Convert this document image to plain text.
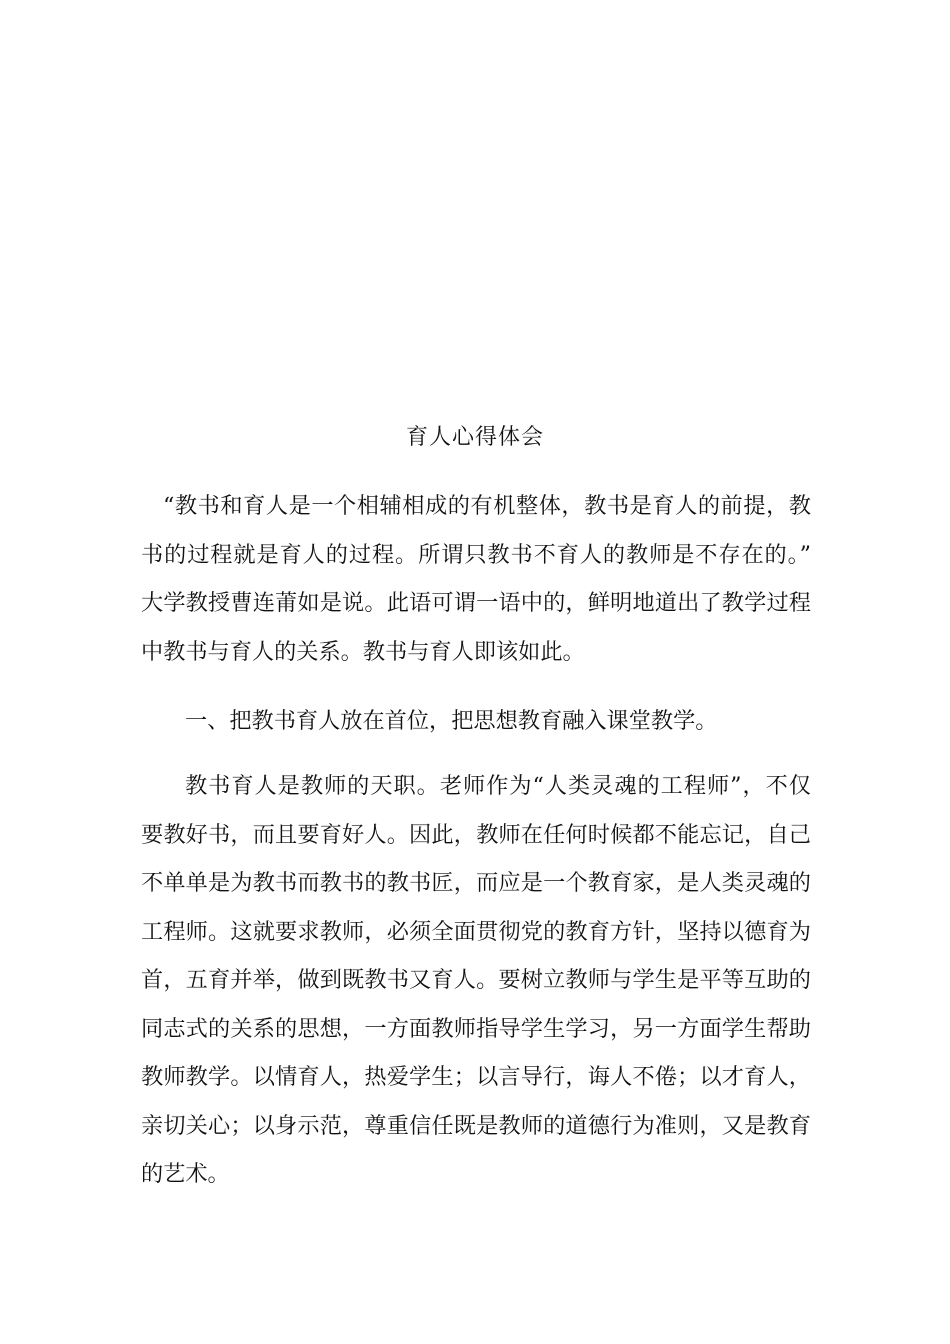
育人心得体会
“教书和育人是一个相辅相成的有机整体，教书是育人的前提，教
书的过程就是育人的过程。所谓只教书不育人的教师是不存在的。”
大学教授曹连莆如是说。此语可谓一语中的，鲜明地道出了教学过程
中教书与育人的关系。教书与育人即该如此。
一、把教书育人放在首位，把思想教育融入课堂教学。
教书育人是教师的天职。老师作为“人类灵魂的工程师”，不仅
要教好书，而且要育好人。因此，教师在任何时候都不能忘记，自己
不单单是为教书而教书的教书匠，而应是一个教育家，是人类灵魂的
工程师。这就要求教师，必须全面贯彻党的教育方针，坚持以德育为
首，五育并举，做到既教书又育人。要树立教师与学生是平等互助的
同志式的关系的思想，一方面教师指导学生学习，另一方面学生帮助
教师教学。以情育人，热爱学生；以言导行，诲人不倦；以才育人，
亲切关心；以身示范，尊重信任既是教师的道德行为准则，又是教育
的艺术。
